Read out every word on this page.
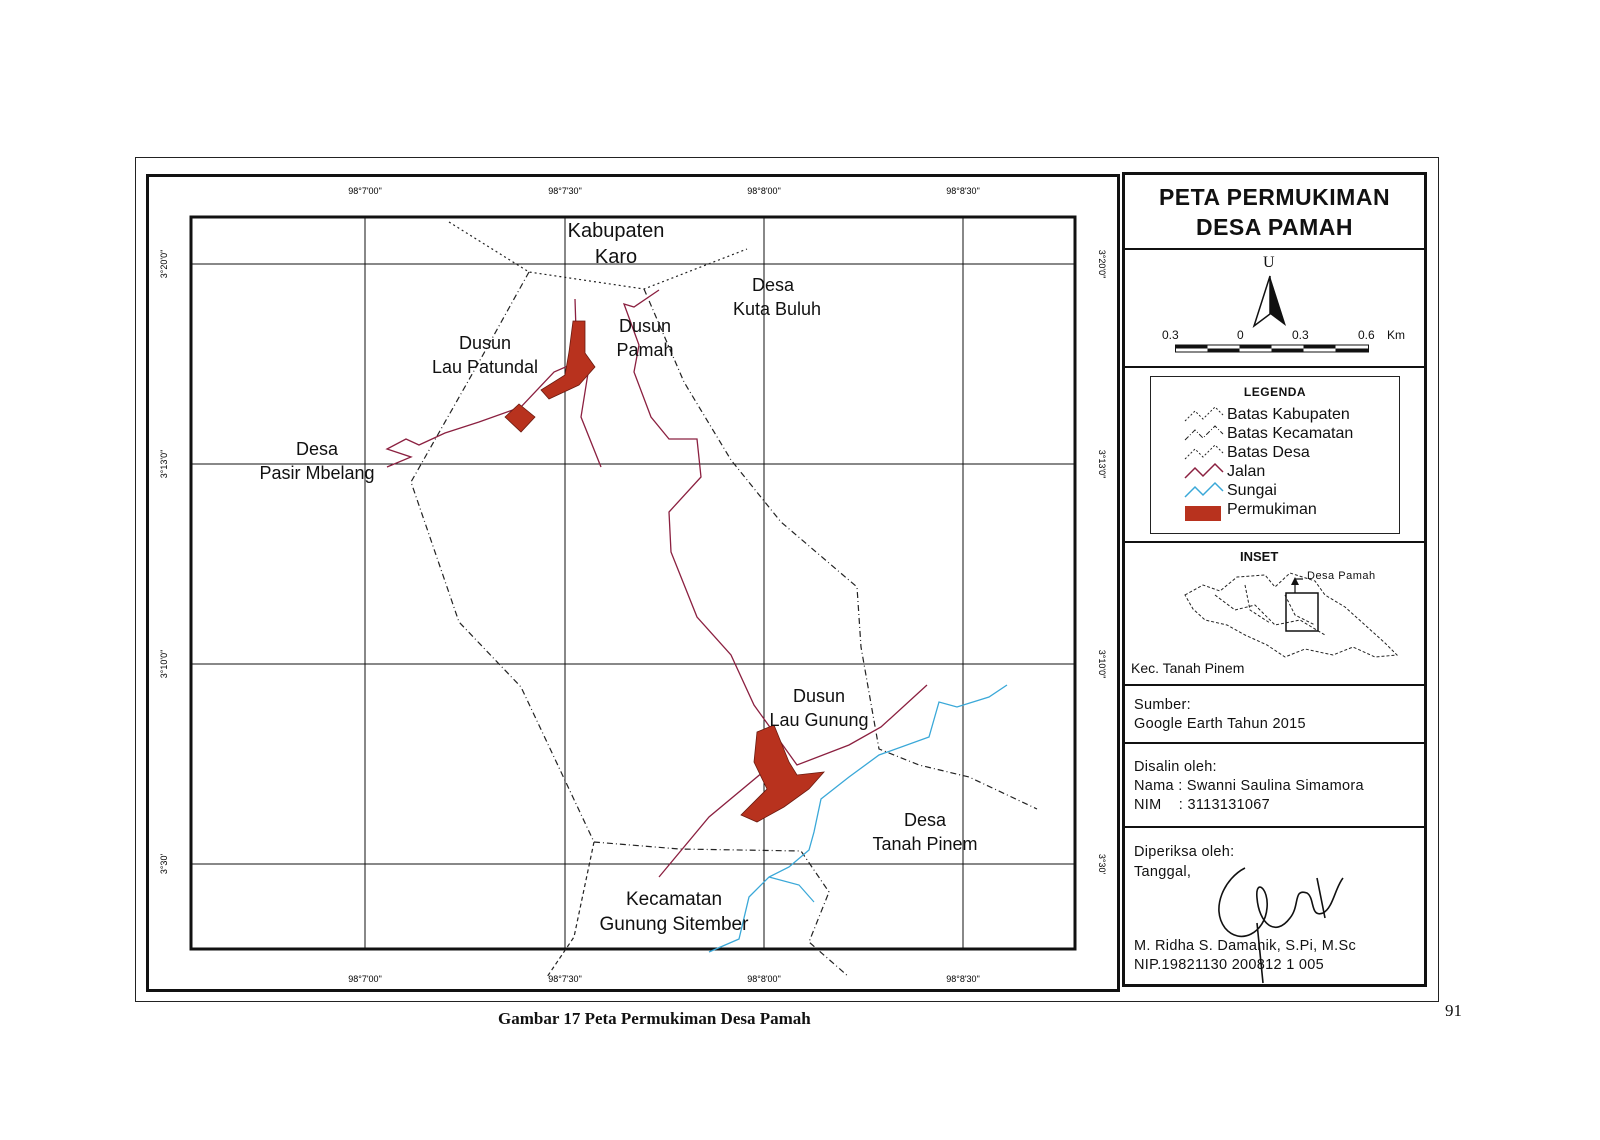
98°7'00"	98°7'30"	98°8'00"	98°8'30"
98°7'00"	98°7'30"	98°8'00"	98°8'30"
3°20'0"
3°13'0"
3°10'0"
3°30'
3°20'0"
3°13'0"
3°10'0"
3°30'
Kabupaten
Karo
Desa
Kuta Buluh
Dusun
Pamah
Dusun
Lau Patundal
Desa
Pasir Mbelang
Dusun
Lau Gunung
Desa
Tanah Pinem
Kecamatan
Gunung Sitember
PETA PERMUKIMAN
DESA PAMAH
U
0.3	0	0.3	0.6 Km
LEGENDA
Batas Kabupaten
Batas Kecamatan
Batas Desa
Jalan
Sungai
Permukiman
INSET
Desa Pamah
Kec. Tanah Pinem
Sumber:
Google Earth Tahun 2015
Disalin oleh:
Nama : Swanni Saulina Simamora
NIM    : 3113131067
Diperiksa oleh:
Tanggal,
M. Ridha S. Damanik, S.Pi, M.Sc
NIP.19821130 200812 1 005
Gambar 17 Peta Permukiman Desa Pamah	91
